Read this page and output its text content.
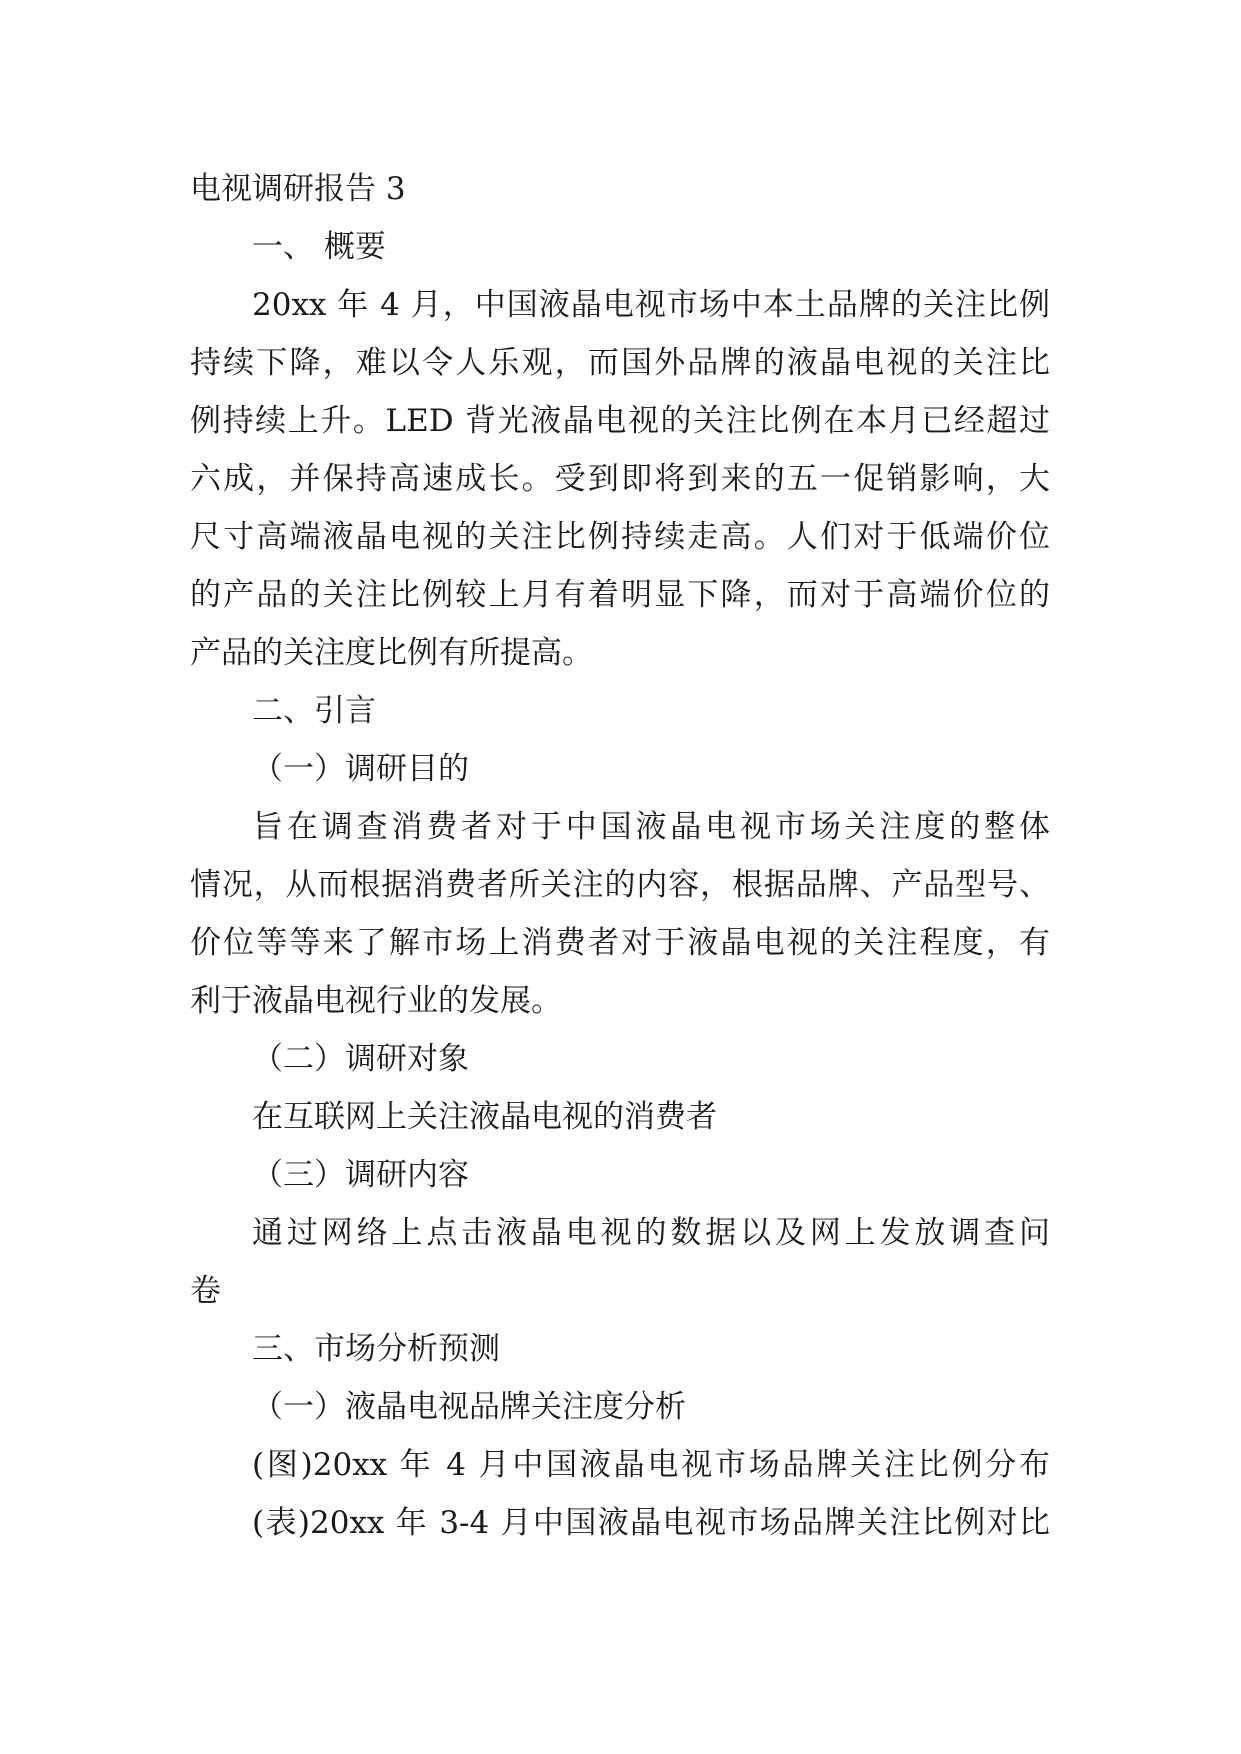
电视调研报告 3

一、 概要

20xx 年 4 月，中国液晶电视市场中本土品牌的关注比例

持续下降，难以令人乐观，而国外品牌的液晶电视的关注比

例持续上升。LED 背光液晶电视的关注比例在本月已经超过

六成，并保持高速成长。受到即将到来的五一促销影响，大

尺寸高端液晶电视的关注比例持续走高。人们对于低端价位

的产品的关注比例较上月有着明显下降，而对于高端价位的

产品的关注度比例有所提高。

二、引言

（一）调研目的

旨在调查消费者对于中国液晶电视市场关注度的整体

情况，从而根据消费者所关注的内容，根据品牌、产品型号、

价位等等来了解市场上消费者对于液晶电视的关注程度，有

利于液晶电视行业的发展。

（二）调研对象

在互联网上关注液晶电视的消费者

（三）调研内容

通过网络上点击液晶电视的数据以及网上发放调查问

卷

三、市场分析预测

（一）液晶电视品牌关注度分析

(图)20xx 年 4 月中国液晶电视市场品牌关注比例分布

(表)20xx 年 3-4 月中国液晶电视市场品牌关注比例对比
